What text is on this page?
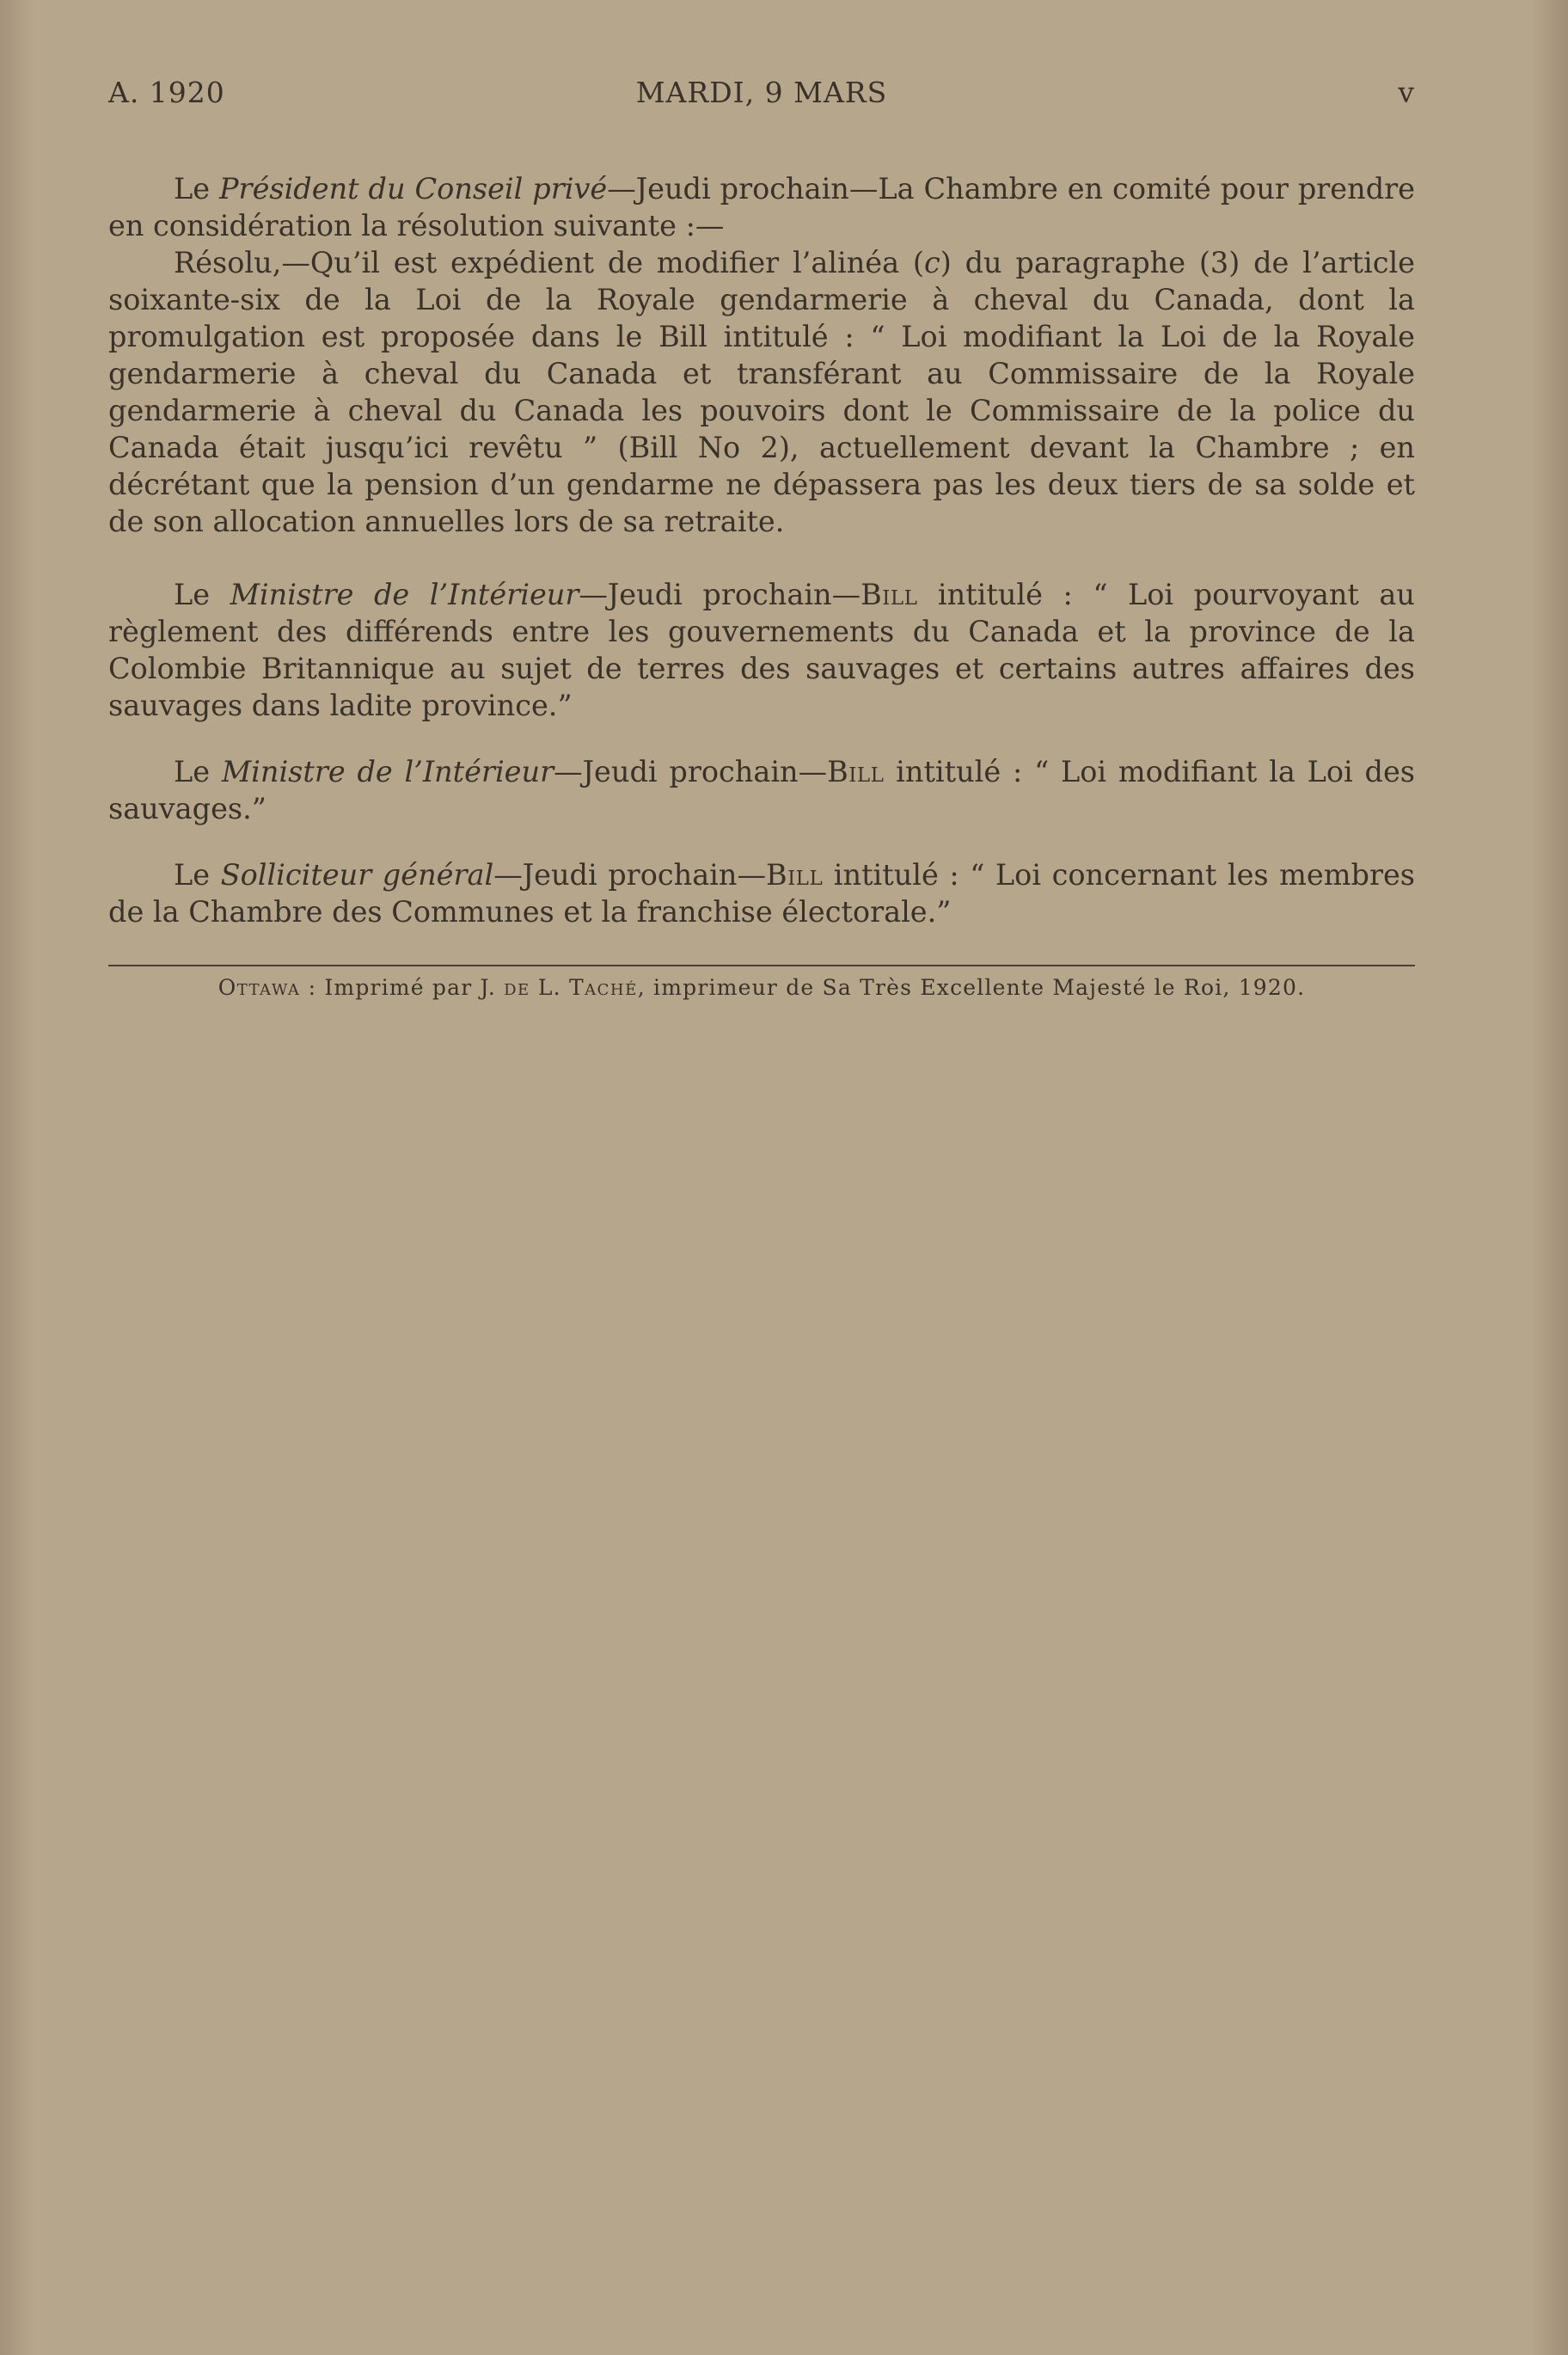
A. 1920	MARDI, 9 MARS	v

Le Président du Conseil privé—Jeudi prochain—La Chambre en comité pour prendre en considération la résolution suivante :—

Résolu,—Qu’il est expédient de modifier l’alinéa (c) du paragraphe (3) de l’article soixante-six de la Loi de la Royale gendarmerie à cheval du Canada, dont la promulgation est proposée dans le Bill intitulé : “ Loi modifiant la Loi de la Royale gendarmerie à cheval du Canada et transférant au Commissaire de la Royale gendarmerie à cheval du Canada les pouvoirs dont le Commissaire de la police du Canada était jusqu’ici revêtu ” (Bill No 2), actuellement devant la Chambre ; en décrétant que la pension d’un gendarme ne dépassera pas les deux tiers de sa solde et de son allocation annuelles lors de sa retraite.

Le Ministre de l’Intérieur—Jeudi prochain—Bill intitulé : “ Loi pourvoyant au règlement des différends entre les gouvernements du Canada et la province de la Colombie Britannique au sujet de terres des sauvages et certains autres affaires des sauvages dans ladite province.”

Le Ministre de l’Intérieur—Jeudi prochain—Bill intitulé : “ Loi modifiant la Loi des sauvages.”

Le Solliciteur général—Jeudi prochain—Bill intitulé : “ Loi concernant les membres de la Chambre des Communes et la franchise électorale.”

Ottawa : Imprimé par J. de L. Taché, imprimeur de Sa Très Excellente Majesté le Roi, 1920.
